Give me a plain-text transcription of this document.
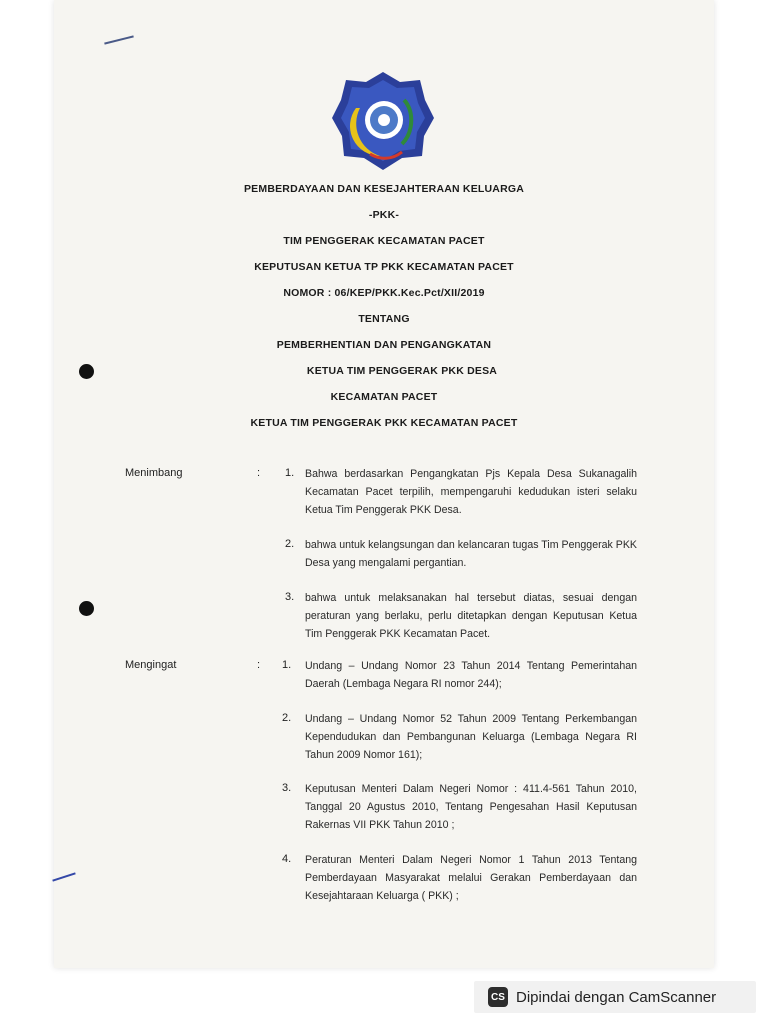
PEMBERDAYAAN DAN KESEJAHTERAAN KELUARGA
-PKK-
TIM PENGGERAK KECAMATAN PACET
KEPUTUSAN KETUA TP PKK KECAMATAN PACET
NOMOR : 06/KEP/PKK.Kec.Pct/XII/2019
TENTANG
PEMBERHENTIAN DAN PENGANGKATAN
KETUA TIM PENGGERAK PKK DESA
KECAMATAN PACET
KETUA TIM PENGGERAK PKK KECAMATAN PACET
Menimbang	: 1. Bahwa berdasarkan Pengangkatan Pjs Kepala Desa Sukanagalih Kecamatan Pacet terpilih, mempengaruhi kedudukan isteri selaku Ketua Tim Penggerak PKK Desa.
2. bahwa untuk kelangsungan dan kelancaran tugas Tim Penggerak PKK Desa yang mengalami pergantian.
3. bahwa untuk melaksanakan hal tersebut diatas, sesuai dengan peraturan yang berlaku, perlu ditetapkan dengan Keputusan Ketua Tim Penggerak PKK Kecamatan Pacet.
Mengingat	: 1. Undang – Undang Nomor 23 Tahun 2014 Tentang Pemerintahan Daerah (Lembaga Negara RI nomor 244);
2. Undang – Undang Nomor 52 Tahun 2009 Tentang Perkembangan Kependudukan dan Pembangunan Keluarga (Lembaga Negara RI Tahun 2009 Nomor 161);
3. Keputusan Menteri Dalam Negeri Nomor : 411.4-561 Tahun 2010, Tanggal 20 Agustus 2010, Tentang Pengesahan Hasil Keputusan Rakernas VII PKK Tahun 2010 ;
4. Peraturan Menteri Dalam Negeri Nomor 1 Tahun 2013 Tentang Pemberdayaan Masyarakat melalui Gerakan Pemberdayaan dan Kesejahtaraan Keluarga ( PKK) ;
CS Dipindai dengan CamScanner
